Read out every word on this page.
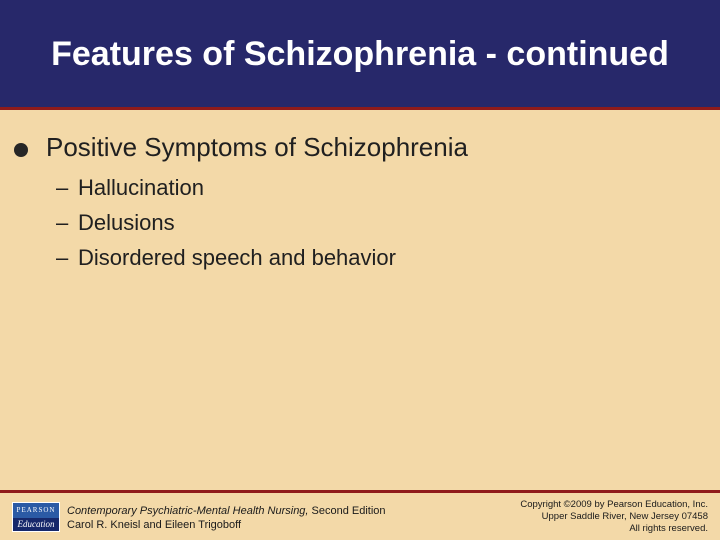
Features of Schizophrenia - continued
Positive Symptoms of Schizophrenia
– Hallucination
– Delusions
– Disordered speech and behavior
PEARSON
Education
Contemporary Psychiatric-Mental Health Nursing, Second Edition
Carol R. Kneisl and Eileen Trigoboff
Copyright ©2009 by Pearson Education, Inc.
Upper Saddle River, New Jersey 07458
All rights reserved.
